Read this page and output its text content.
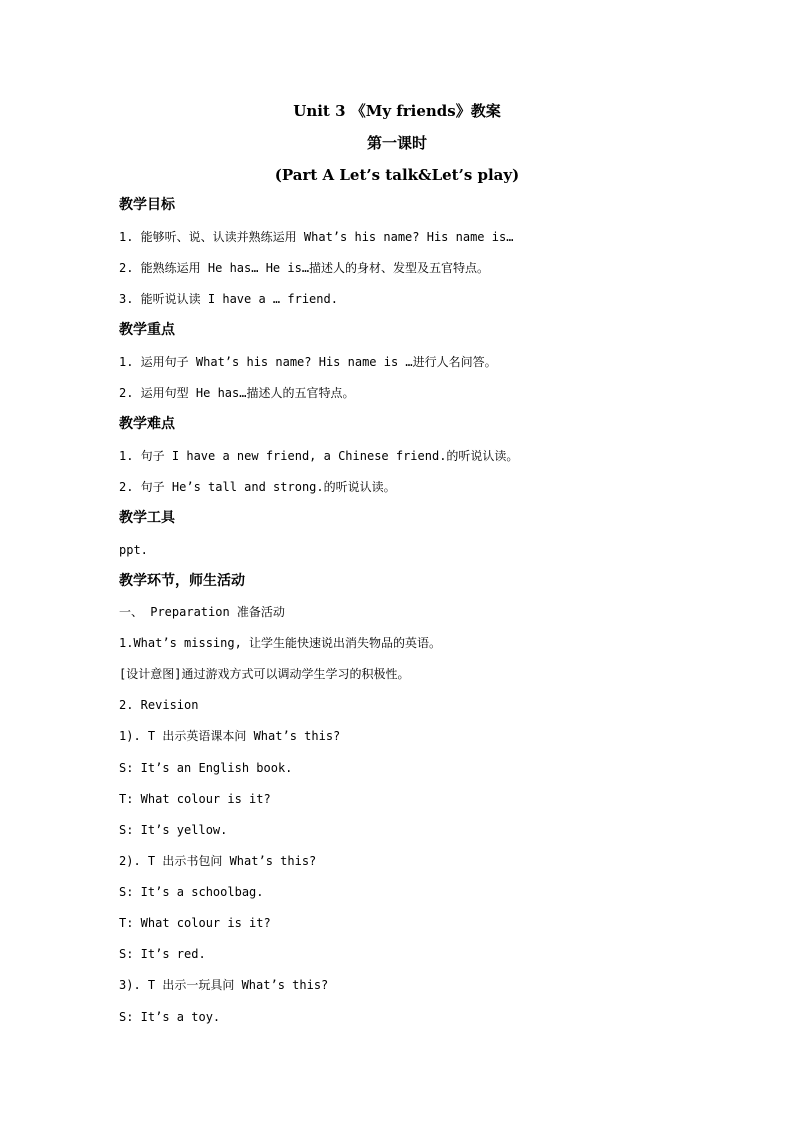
Unit 3 《My friends》教案
第一课时
(Part A Let’s talk&Let’s play)
教学目标
1. 能够听、说、认读并熟练运用 What’s his name? His name is…
2. 能熟练运用 He has… He is…描述人的身材、发型及五官特点。
3. 能听说认读 I have a … friend.
教学重点
1. 运用句子 What’s his name? His name is …进行人名问答。
2. 运用句型 He has…描述人的五官特点。
教学难点
1. 句子 I have a new friend, a Chinese friend.的听说认读。
2. 句子 He’s tall and strong.的听说认读。
教学工具
ppt.
教学环节，师生活动
一、 Preparation 准备活动
1.What’s missing, 让学生能快速说出消失物品的英语。
[设计意图]通过游戏方式可以调动学生学习的积极性。
2. Revision
1). T 出示英语课本问 What’s this?
S: It’s an English book.
T: What colour is it?
S: It’s yellow.
2). T 出示书包问 What’s this?
S: It’s a schoolbag.
T: What colour is it?
S: It’s red.
3). T 出示一玩具问 What’s this?
S: It’s a toy.
